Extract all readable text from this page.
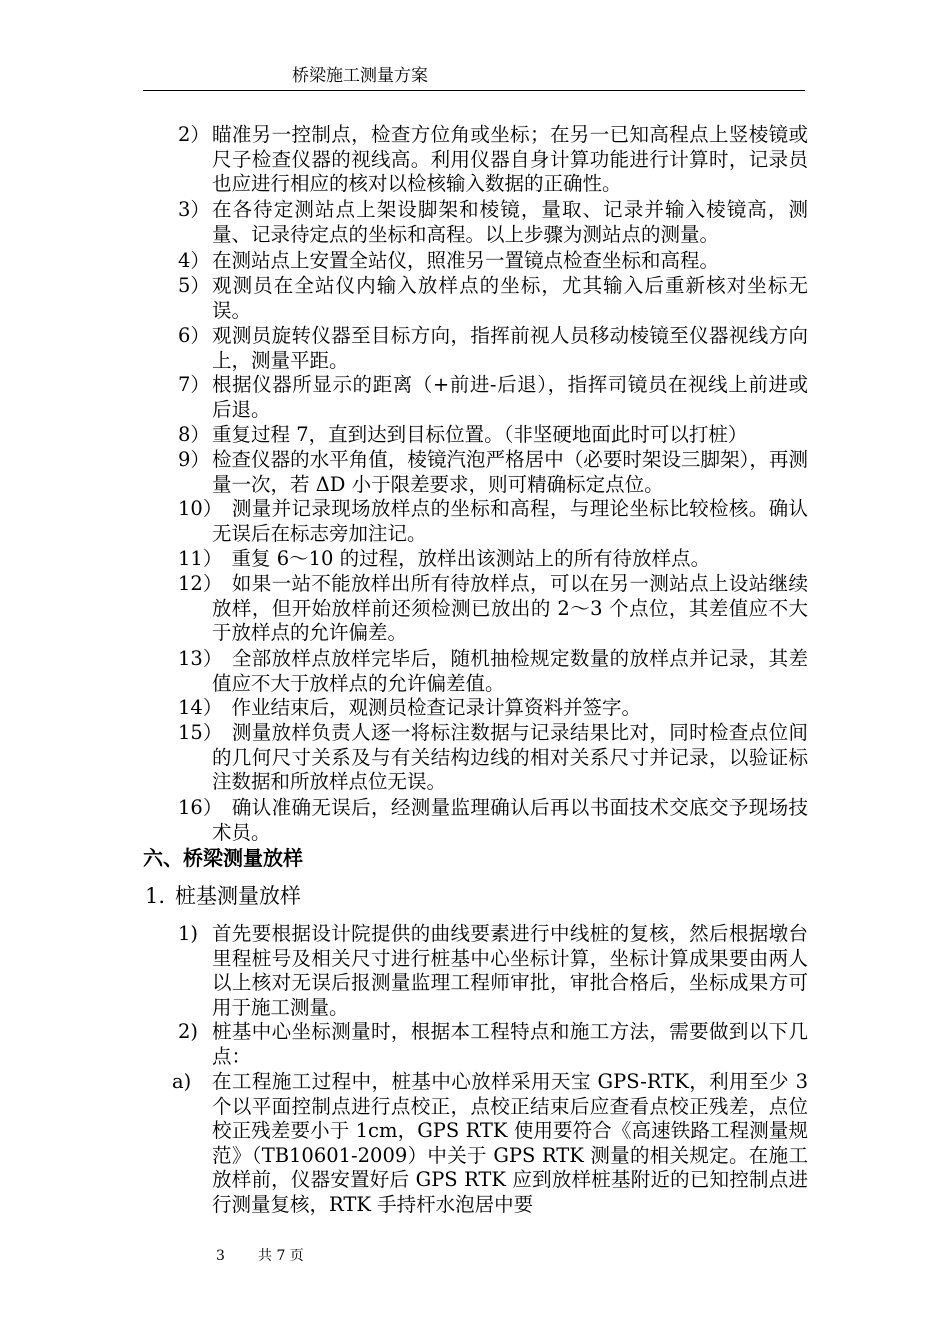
桥梁施工测量方案
2） 瞄准另一控制点，检查方位角或坐标；在另一已知高程点上竖棱镜或尺子检查仪器的视线高。利用仪器自身计算功能进行计算时，记录员也应进行相应的核对以检核输入数据的正确性。
3） 在各待定测站点上架设脚架和棱镜，量取、记录并输入棱镜高，测量、记录待定点的坐标和高程。以上步骤为测站点的测量。
4） 在测站点上安置全站仪，照准另一置镜点检查坐标和高程。
5） 观测员在全站仪内输入放样点的坐标，尤其输入后重新核对坐标无误。
6） 观测员旋转仪器至目标方向，指挥前视人员移动棱镜至仪器视线方向上，测量平距。
7） 根据仪器所显示的距离（+前进-后退），指挥司镜员在视线上前进或后退。
8） 重复过程 7，直到达到目标位置。（非坚硬地面此时可以打桩）
9） 检查仪器的水平角值，棱镜汽泡严格居中（必要时架设三脚架），再测量一次，若 ΔD 小于限差要求，则可精确标定点位。
10）
　测量并记录现场放样点的坐标和高程，与理论坐标比较检核。确认无误后在标志旁加注记。
11）
　重复 6～10 的过程，放样出该测站上的所有待放样点。
12）
　如果一站不能放样出所有待放样点，可以在另一测站点上设站继续放样，但开始放样前还须检测已放出的 2～3 个点位，其差值应不大于放样点的允许偏差。
13）
　全部放样点放样完毕后，随机抽检规定数量的放样点并记录，其差值应不大于放样点的允许偏差值。
14）
　作业结束后，观测员检查记录计算资料并签字。
15）
　测量放样负责人逐一将标注数据与记录结果比对，同时检查点位间的几何尺寸关系及与有关结构边线的相对关系尺寸并记录，以验证标注数据和所放样点位无误。
16）
　确认准确无误后，经测量监理确认后再以书面技术交底交予现场技术员。
六、桥梁测量放样
1. 桩基测量放样
1) 首先要根据设计院提供的曲线要素进行中线桩的复核，然后根据墩台里程桩号及相关尺寸进行桩基中心坐标计算，坐标计算成果要由两人以上核对无误后报测量监理工程师审批，审批合格后，坐标成果方可用于施工测量。
2) 桩基中心坐标测量时，根据本工程特点和施工方法，需要做到以下几点：
a) 在工程施工过程中，桩基中心放样采用天宝 GPS-RTK，利用至少 3 个以平面控制点进行点校正，点校正结束后应查看点校正残差，点位校正残差要小于 1cm，GPS RTK 使用要符合《高速铁路工程测量规范》（TB10601-2009）中关于 GPS RTK 测量的相关规定。在施工放样前，仪器安置好后 GPS RTK 应到放样桩基附近的已知控制点进行测量复核，RTK 手持杆水泡居中要
3 共 7 页
